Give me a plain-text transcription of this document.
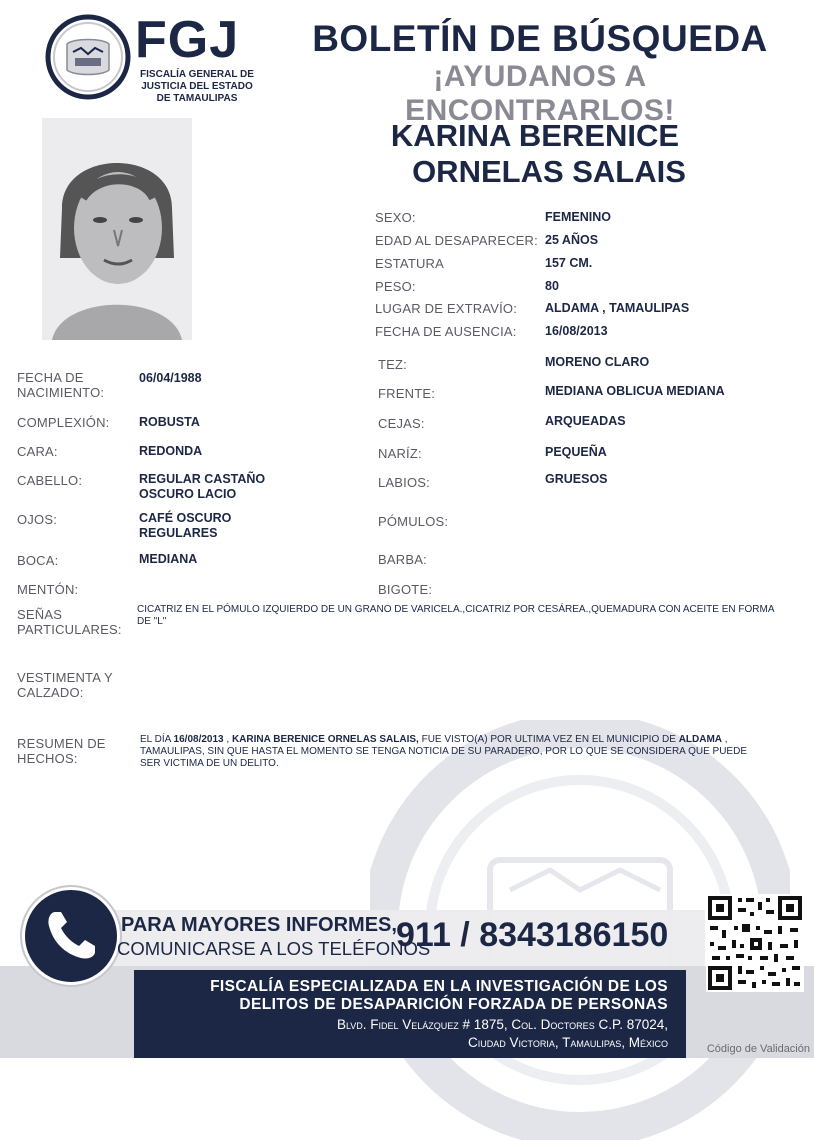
FGJ
FISCALÍA GENERAL DE
JUSTICIA DEL ESTADO
DE TAMAULIPAS
BOLETÍN DE BÚSQUEDA
¡AYUDANOS A ENCONTRARLOS!
KARINA BERENICE
ORNELAS SALAIS
SEXO:	FEMENINO
EDAD AL DESAPARECER: 25 AÑOS
ESTATURA	157 CM.
PESO:	80
LUGAR DE EXTRAVÍO: ALDAMA , TAMAULIPAS
FECHA DE AUSENCIA: 16/08/2013
FECHA DE
NACIMIENTO:
06/04/1988
COMPLEXIÓN: ROBUSTA
CARA:	REDONDA
CABELLO:	REGULAR CASTAÑO
OSCURO LACIO
OJOS:	CAFÉ OSCURO
REGULARES
BOCA:	MEDIANA
MENTÓN:
TEZ:	MORENO CLARO
FRENTE:	MEDIANA OBLICUA MEDIANA
CEJAS:	ARQUEADAS
NARÍZ:	PEQUEÑA
LABIOS:	GRUESOS
PÓMULOS:
BARBA:
BIGOTE:
SEÑAS
PARTICULARES:
CICATRIZ EN EL PÓMULO IZQUIERDO DE UN GRANO DE VARICELA.,CICATRIZ POR CESÁREA.,QUEMADURA CON ACEITE EN FORMA DE "L"
VESTIMENTA Y
CALZADO:
RESUMEN DE
HECHOS:
EL DÍA 16/08/2013 , KARINA BERENICE ORNELAS SALAIS, FUE VISTO(A) POR ULTIMA VEZ EN EL MUNICIPIO DE ALDAMA , TAMAULIPAS, SIN QUE HASTA EL MOMENTO SE TENGA NOTICIA DE SU PARADERO, POR LO QUE SE CONSIDERA QUE PUEDE SER VICTIMA DE UN DELITO.
PARA MAYORES INFORMES,
COMUNICARSE A LOS TELÉFONOS
911 / 8343186150
FISCALÍA ESPECIALIZADA EN LA INVESTIGACIÓN DE LOS
DELITOS DE DESAPARICIÓN FORZADA DE PERSONAS
Blvd. Fidel Velázquez # 1875, Col. Doctores C.P. 87024,
Ciudad Victoria, Tamaulipas, México	Código de Validación
